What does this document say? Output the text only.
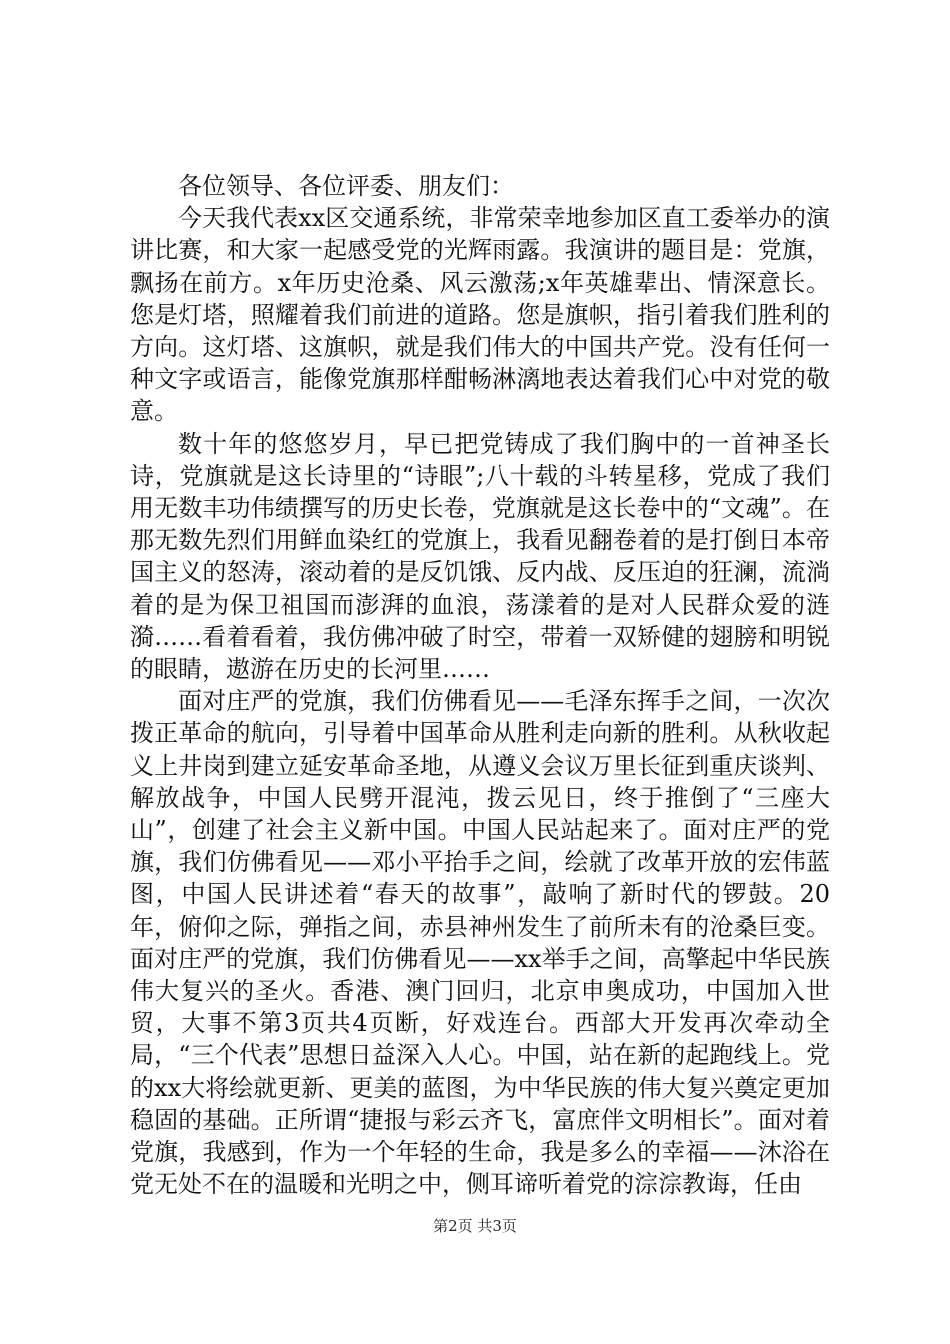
各位领导、各位评委、朋友们：

今天我代表xx区交通系统，非常荣幸地参加区直工委举办的演讲比赛，和大家一起感受党的光辉雨露。我演讲的题目是：党旗，飘扬在前方。x年历史沧桑、风云激荡;x年英雄辈出、情深意长。您是灯塔，照耀着我们前进的道路。您是旗帜，指引着我们胜利的方向。这灯塔、这旗帜，就是我们伟大的中国共产党。没有任何一种文字或语言，能像党旗那样酣畅淋漓地表达着我们心中对党的敬意。

数十年的悠悠岁月，早已把党铸成了我们胸中的一首神圣长诗，党旗就是这长诗里的“诗眼”;八十载的斗转星移，党成了我们用无数丰功伟绩撰写的历史长卷，党旗就是这长卷中的“文魂”。在那无数先烈们用鲜血染红的党旗上，我看见翻卷着的是打倒日本帝国主义的怒涛，滚动着的是反饥饿、反内战、反压迫的狂澜，流淌着的是为保卫祖国而澎湃的血浪，荡漾着的是对人民群众爱的涟漪……看着看着，我仿佛冲破了时空，带着一双矫健的翅膀和明锐的眼睛，遨游在历史的长河里……

面对庄严的党旗，我们仿佛看见——毛泽东挥手之间，一次次拨正革命的航向，引导着中国革命从胜利走向新的胜利。从秋收起义上井岗到建立延安革命圣地，从遵义会议万里长征到重庆谈判、解放战争，中国人民劈开混沌，拨云见日，终于推倒了“三座大山”，创建了社会主义新中国。中国人民站起来了。面对庄严的党旗，我们仿佛看见——邓小平抬手之间，绘就了改革开放的宏伟蓝图，中国人民讲述着“春天的故事”，敲响了新时代的锣鼓。20年，俯仰之际，弹指之间，赤县神州发生了前所未有的沧桑巨变。面对庄严的党旗，我们仿佛看见——xx举手之间，高擎起中华民族伟大复兴的圣火。香港、澳门回归，北京申奥成功，中国加入世贸，大事不第3页共4页断，好戏连台。西部大开发再次牵动全局，“三个代表”思想日益深入人心。中国，站在新的起跑线上。党的xx大将绘就更新、更美的蓝图，为中华民族的伟大复兴奠定更加稳固的基础。正所谓“捷报与彩云齐飞，富庶伴文明相长”。面对着党旗，我感到，作为一个年轻的生命，我是多么的幸福——沐浴在党无处不在的温暖和光明之中，侧耳谛听着党的淙淙教诲，任由

第2页 共3页
